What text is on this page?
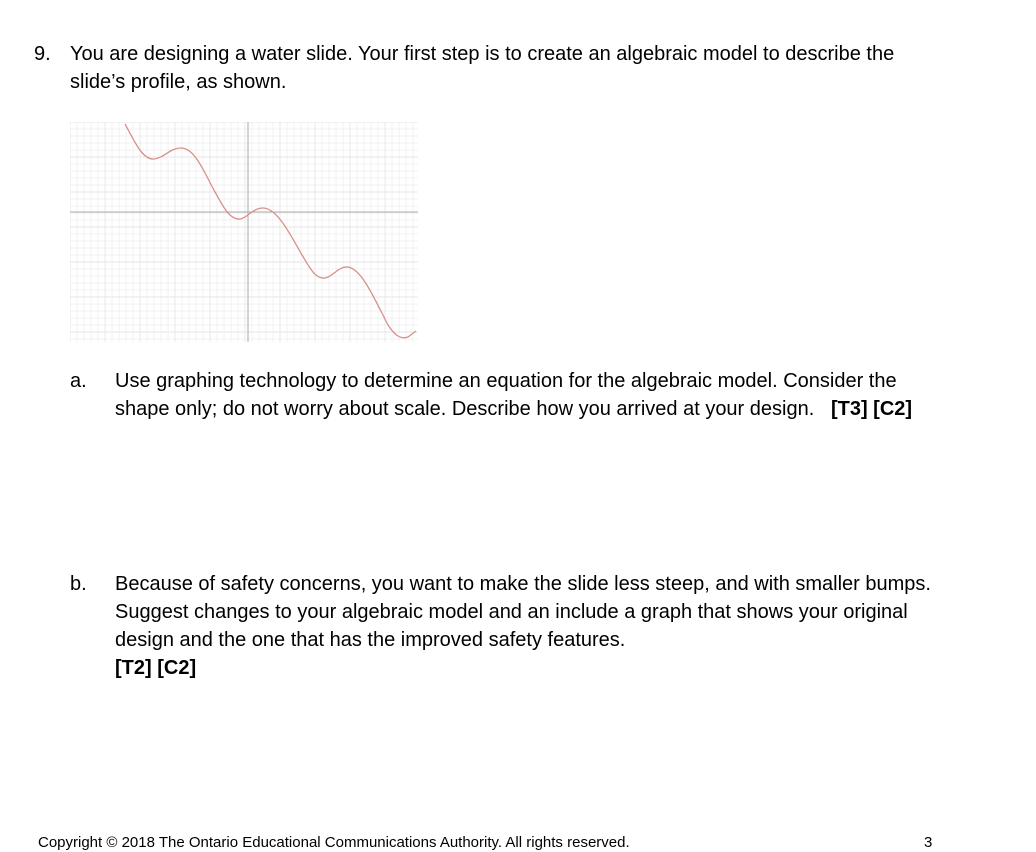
9. You are designing a water slide. Your first step is to create an algebraic model to describe the slide’s profile, as shown.
a. Use graphing technology to determine an equation for the algebraic model. Consider the shape only; do not worry about scale. Describe how you arrived at your design. [T3] [C2]
b. Because of safety concerns, you want to make the slide less steep, and with smaller bumps. Suggest changes to your algebraic model and an include a graph that shows your original design and the one that has the improved safety features.
[T2] [C2]
Copyright © 2018 The Ontario Educational Communications Authority. All rights reserved.	3
